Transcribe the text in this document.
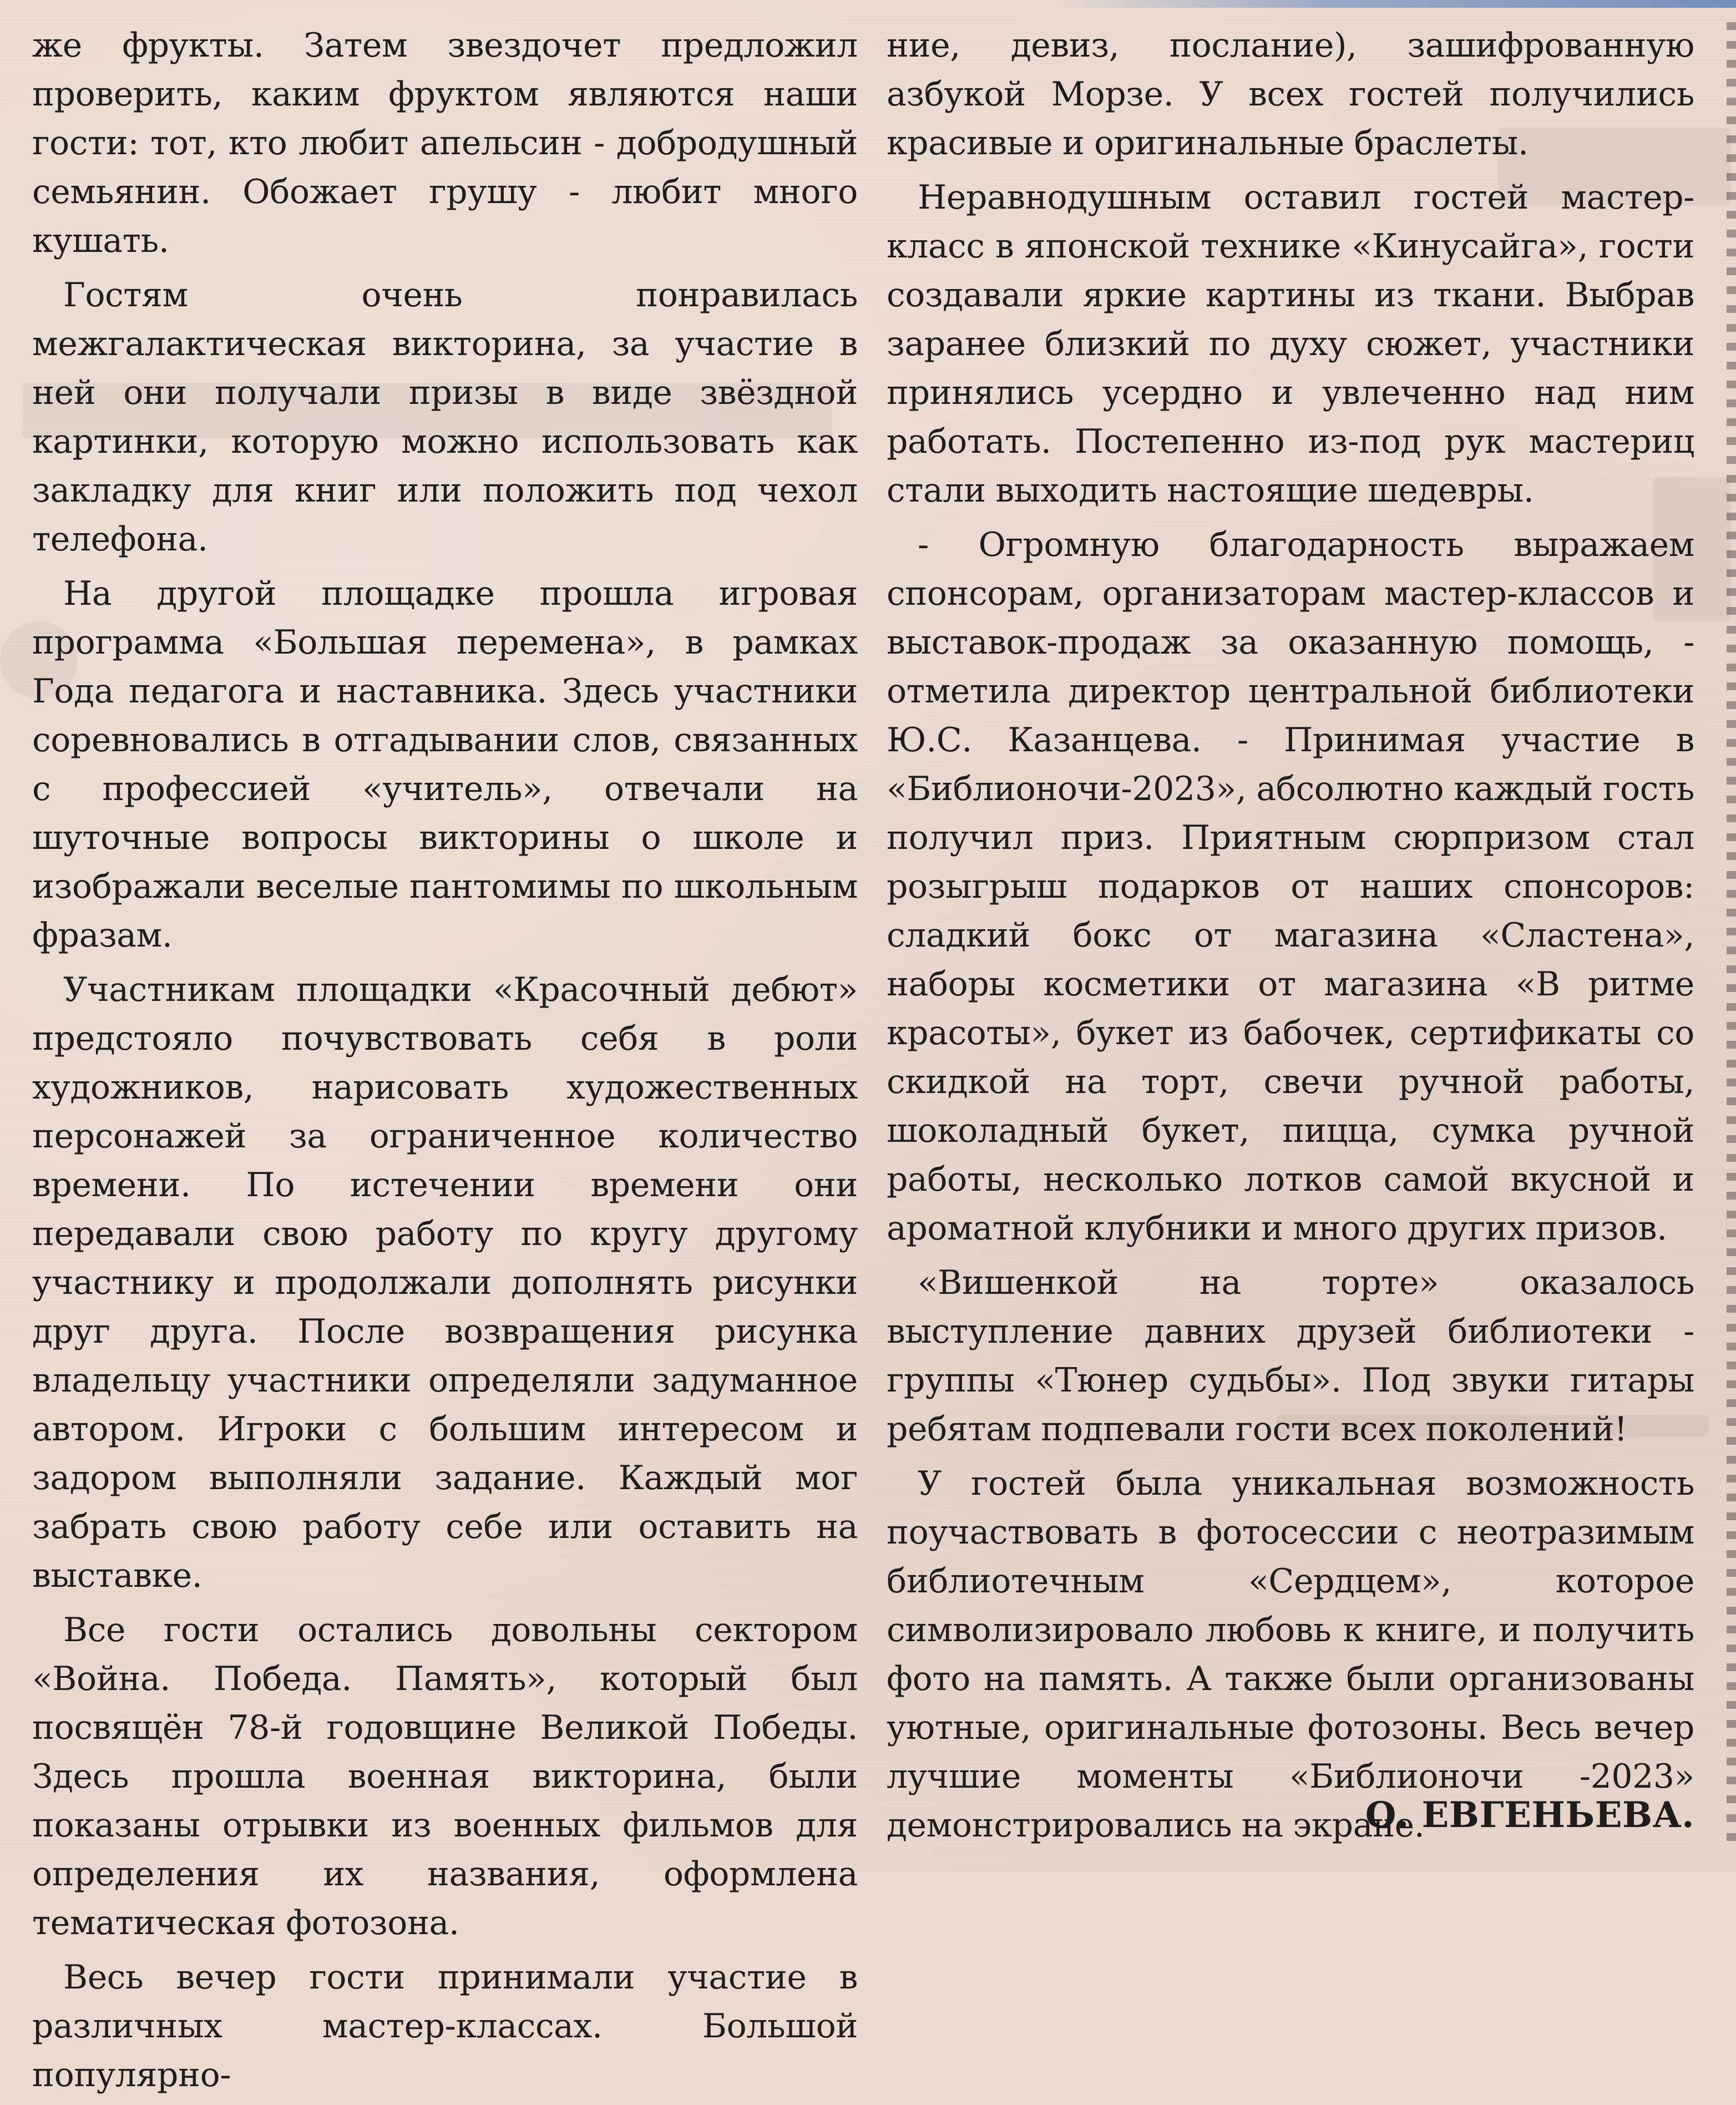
же фрукты. Затем звездочет предложил проверить, каким фруктом являются наши гости: тот, кто любит апельсин - добродушный семьянин. Обожает грушу - любит много кушать.

Гостям очень понравилась межгалактическая викторина, за участие в ней они получали призы в виде звёздной картинки, которую можно использовать как закладку для книг или положить под чехол телефона.

На другой площадке прошла игровая программа «Большая перемена», в рамках Года педагога и наставника. Здесь участники соревновались в отгадывании слов, связанных с профессией «учитель», отвечали на шуточные вопросы викторины о школе и изображали веселые пантомимы по школьным фразам.

Участникам площадки «Красочный дебют» предстояло почувствовать себя в роли художников, нарисовать художественных персонажей за ограниченное количество времени. По истечении времени они передавали свою работу по кругу другому участнику и продолжали дополнять рисунки друг друга. После возвращения рисунка владельцу участники определяли задуманное автором. Игроки с большим интересом и задором выполняли задание. Каждый мог забрать свою работу себе или оставить на выставке.

Все гости остались довольны сектором «Война. Победа. Память», который был посвящён 78-й годовщине Великой Победы. Здесь прошла военная викторина, были показаны отрывки из военных фильмов для определения их названия, оформлена тематическая фотозона.

Весь вечер гости принимали участие в различных мастер-классах. Большой популярно-

ние, девиз, послание), зашифрованную азбукой Морзе. У всех гостей получились красивые и оригинальные браслеты.

Неравнодушным оставил гостей мастер-класс в японской технике «Кинусайга», гости создавали яркие картины из ткани. Выбрав заранее близкий по духу сюжет, участники принялись усердно и увлеченно над ним работать. Постепенно из-под рук мастериц стали выходить настоящие шедевры.

- Огромную благодарность выражаем спонсорам, организаторам мастер-классов и выставок-продаж за оказанную помощь, - отметила директор центральной библиотеки Ю.С. Казанцева. - Принимая участие в «Библионочи-2023», абсолютно каждый гость получил приз. Приятным сюрпризом стал розыгрыш подарков от наших спонсоров: сладкий бокс от магазина «Сластена», наборы косметики от магазина «В ритме красоты», букет из бабочек, сертификаты со скидкой на торт, свечи ручной работы, шоколадный букет, пицца, сумка ручной работы, несколько лотков самой вкусной и ароматной клубники и много других призов.

«Вишенкой на торте» оказалось выступление давних друзей библиотеки - группы «Тюнер судьбы». Под звуки гитары ребятам подпевали гости всех поколений!

У гостей была уникальная возможность поучаствовать в фотосессии с неотразимым библиотечным «Сердцем», которое символизировало любовь к книге, и получить фото на память. А также были организованы уютные, оригинальные фотозоны. Весь вечер лучшие моменты «Библионочи -2023» демонстрировались на экране.

О. ЕВГЕНЬЕВА.
